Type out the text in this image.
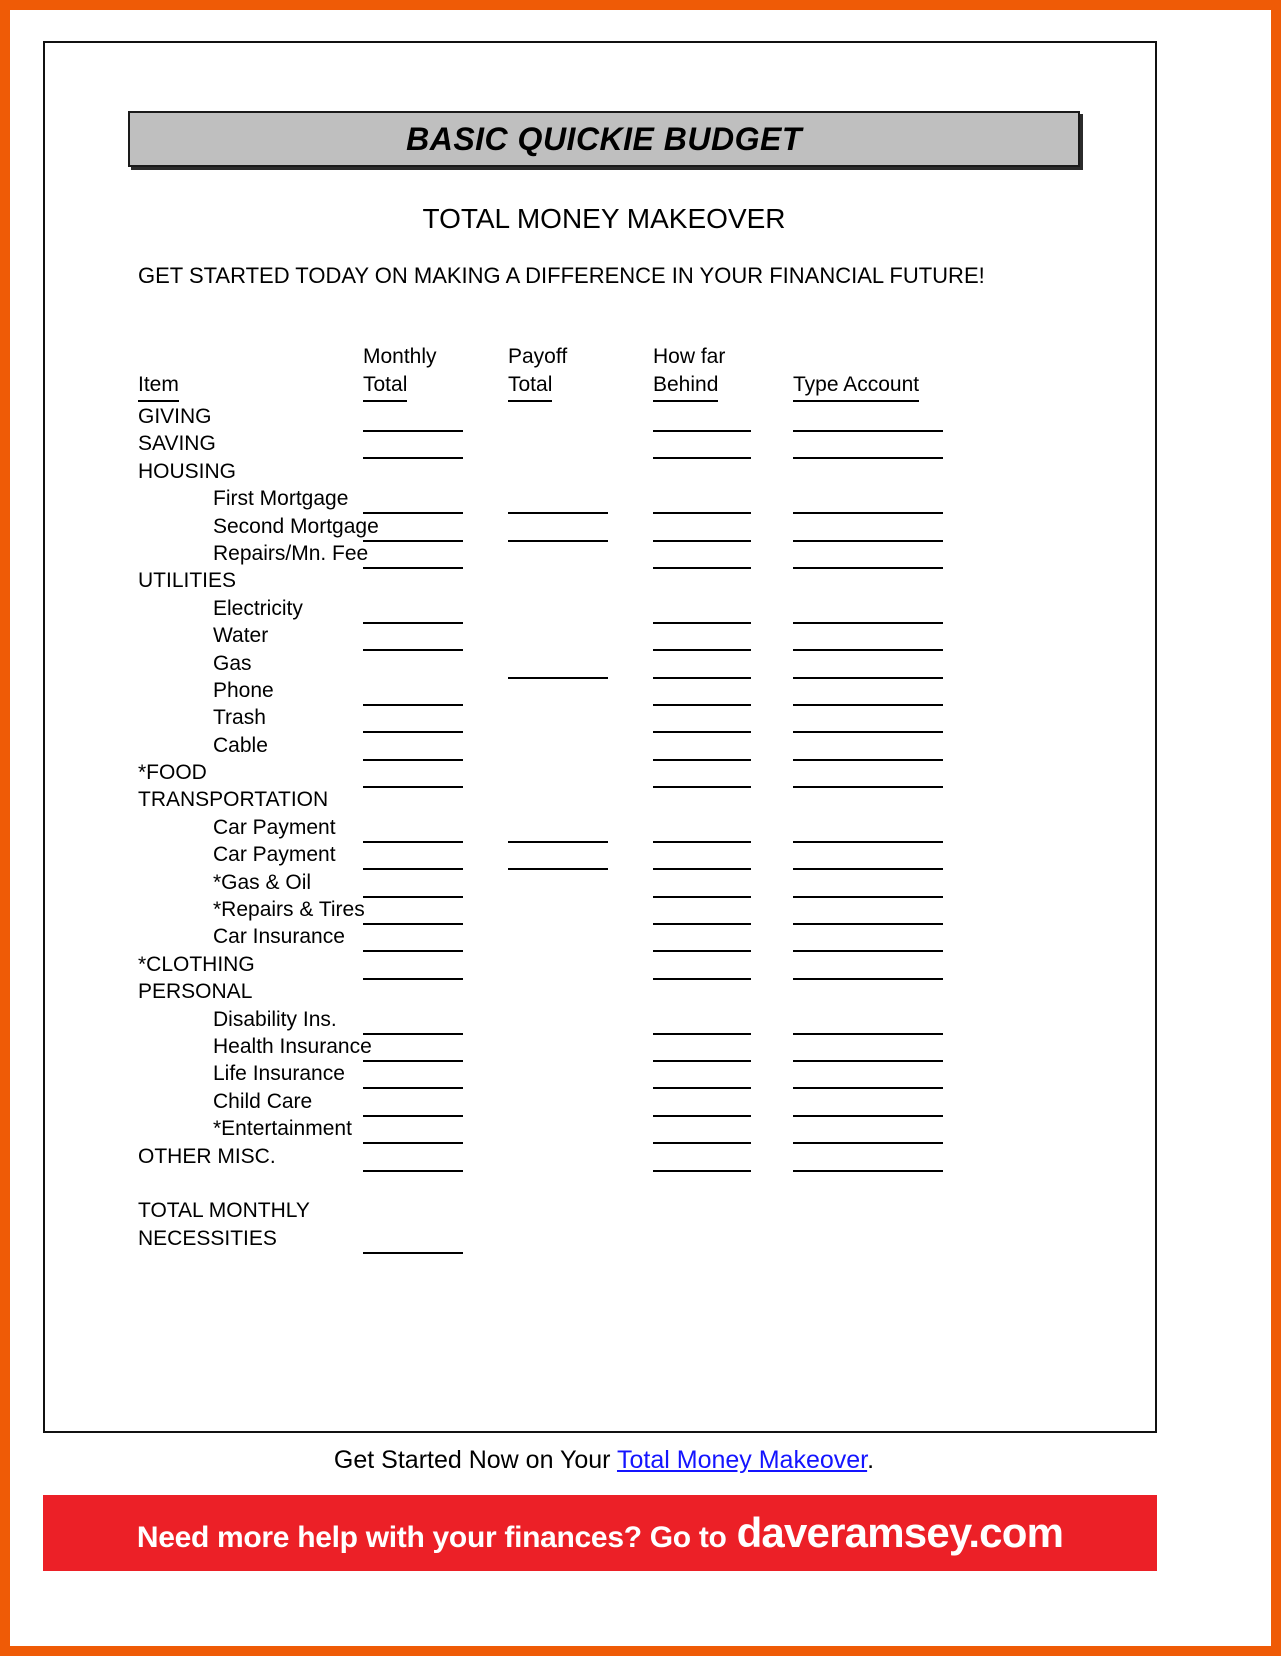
BASIC QUICKIE BUDGET
TOTAL MONEY MAKEOVER
GET STARTED TODAY ON MAKING A DIFFERENCE IN YOUR FINANCIAL FUTURE!
Item
Monthly
Total
Payoff
Total
How far
Behind	Type Account
GIVING
SAVING
HOUSING
First Mortgage
Second Mortgage
Repairs/Mn. Fee
UTILITIES
Electricity
Water
Gas
Phone
Trash
Cable
*FOOD
TRANSPORTATION
Car Payment
Car Payment
*Gas & Oil
*Repairs & Tires
Car Insurance
*CLOTHING
PERSONAL
Disability Ins.
Health Insurance
Life Insurance
Child Care
*Entertainment
OTHER MISC.
TOTAL MONTHLY
NECESSITIES
Get Started Now on Your Total Money Makeover.
Need more help with your finances? Go to daveramsey.com
